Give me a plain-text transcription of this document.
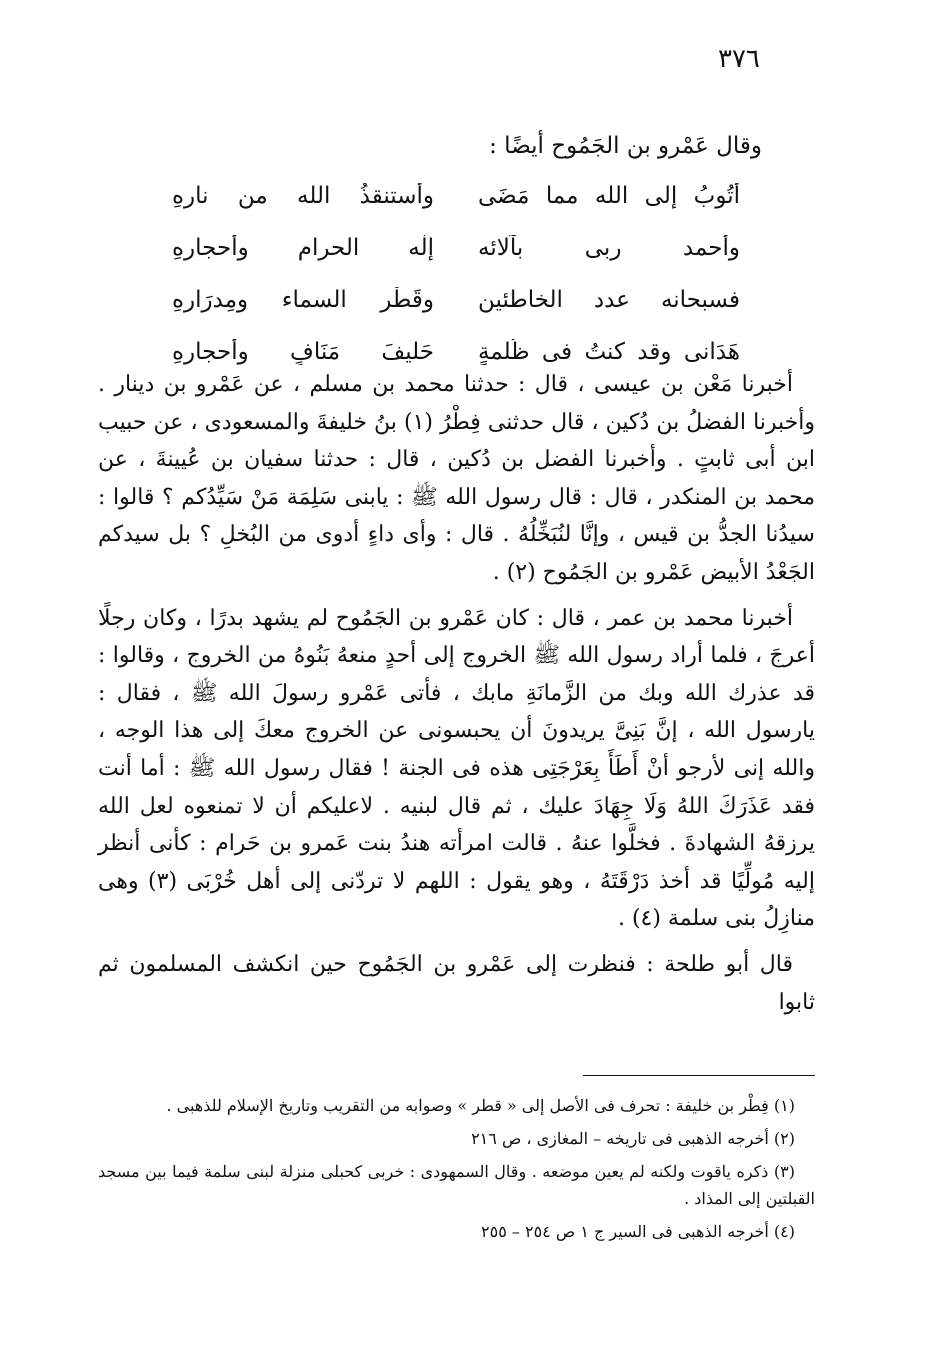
٣٧٦
وقال عَمْرو بن الجَمُوح أيضًا :
أَتُوبُ إلى الله مما مَضَى
وأستنقذُ الله من نارِهِ
وأحمد ربى بآلائه
إلٰه الحرام وأحجارِهِ
فسبحانه عدد الخاطئين
وقَطْر السماء ومِدرَارِهِ
هَدَانى وقد كنتُ فى ظُلمةٍ
حَليفَ مَنَافٍ وأحجارِهِ

أخبرنا مَعْن بن عيسى ، قال : حدثنا محمد بن مسلم ، عن عَمْرو بن دينار . وأخبرنا الفضلُ بن دُكين ، قال حدثنى فِطْرُ (١) بنُ خليفةَ والمسعودى ، عن حبيب ابن أبى ثابتٍ . وأخبرنا الفضل بن دُكين ، قال : حدثنا سفيان بن عُيينةَ ، عن محمد بن المنكدر ، قال : قال رسول الله ﷺ : يابنى سَلِمَة مَنْ سَيِّدُكم ؟ قالوا : سيدُنا الجدُّ بن قيس ، وإنَّا لنُبَخِّلُهُ . قال : وأى داءٍ أدوى من البُخلِ ؟ بل سيدكم الجَعْدُ الأبيض عَمْرو بن الجَمُوح (٢) .

أخبرنا محمد بن عمر ، قال : كان عَمْرو بن الجَمُوح لم يشهد بدرًا ، وكان رجلًا أعرجَ ، فلما أراد رسول الله ﷺ الخروج إلى أحدٍ منعهُ بَنُوهُ من الخروج ، وقالوا : قد عذرك الله وبك من الزَّمانَةِ مابك ، فأتى عَمْرو رسولَ الله ﷺ ، فقال : يارسول الله ، إنَّ بَنِىَّ يريدونَ أن يحبسونى عن الخروج معكَ إلى هذا الوجه ، والله إنى لأرجو أنْ أَطَأَ بِعَرْجَتِى هذه فى الجنة ! فقال رسول الله ﷺ : أما أنت فقد عَذَرَكَ اللهُ وَلَا جِهَادَ عليك ، ثم قال لبنيه . لاعليكم أن لا تمنعوه لعل الله يرزقهُ الشهادةَ . فخلَّوا عنهُ . قالت امرأته هندُ بنت عَمرو بن حَرام : كأنى أنظر إليه مُولِّيًا قد أخذ دَرْقَتَهُ ، وهو يقول : اللهم لا تردّنى إلى أهل خُرْبَى (٣) وهى منازِلُ بنى سلمة (٤) .

قال أبو طلحة : فنظرت إلى عَمْرو بن الجَمُوح حين انكشف المسلمون ثم ثابوا

(١) فِطْر بن خليفة : تحرف فى الأصل إلى « قطر » وصوابه من التقريب وتاريخ الإسلام للذهبى .

(٢) أخرجه الذهبى فى تاريخه – المغازى ، ص ٢١٦

(٣) ذكره ياقوت ولكنه لم يعين موضعه . وقال السمهودى : خربى كحبلى منزلة لبنى سلمة فيما بين مسجد القبلتين إلى المذاد .

(٤) أخرجه الذهبى فى السير ج ١ ص ٢٥٤ – ٢٥٥
